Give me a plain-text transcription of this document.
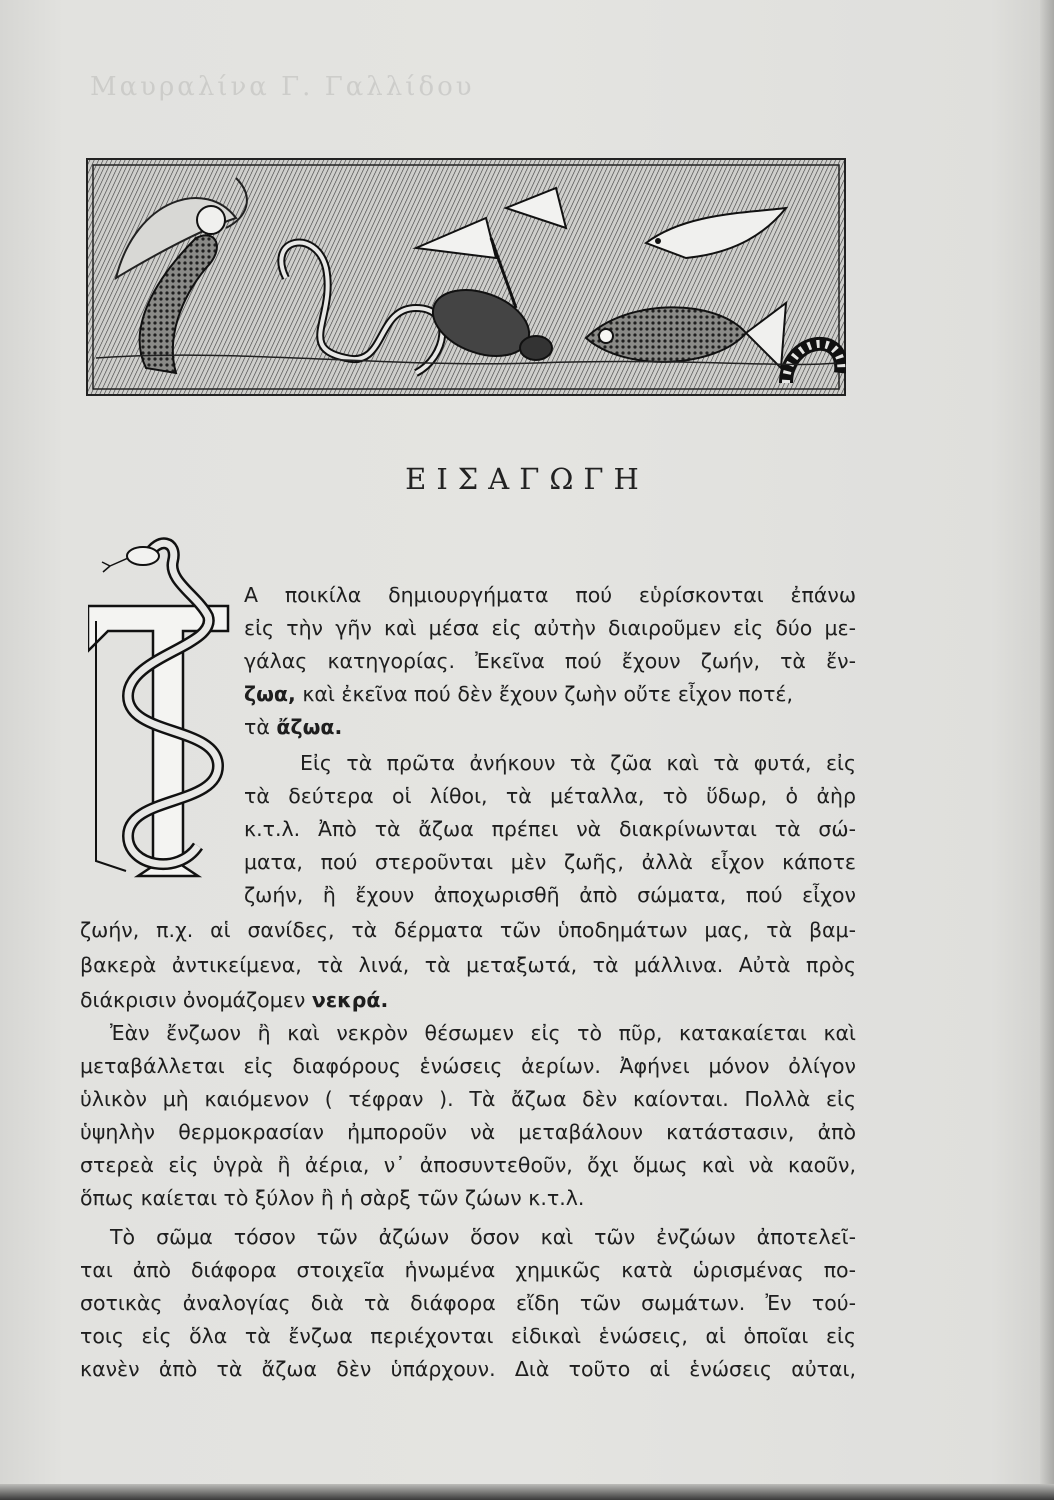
Μαυραλίνα Γ. Γαλλίδου
ΕΙΣΑΓΩΓΗ
Α ποικίλα δημιουργήματα πού εὑρίσκονται ἐπάνω
εἰς τὴν γῆν καὶ μέσα εἰς αὐτὴν διαιροῦμεν εἰς δύο με-
γάλας κατηγορίας. Ἐκεῖνα πού ἔχουν ζωήν, τὰ ἔν-
ζωα, καὶ ἐκεῖνα πού δὲν ἔχουν ζωὴν οὔτε εἶχον ποτέ,
τὰ ἄζωα.
Εἰς τὰ πρῶτα ἀνήκουν τὰ ζῶα καὶ τὰ φυτά, εἰς
τὰ δεύτερα οἱ λίθοι, τὰ μέταλλα, τὸ ὕδωρ, ὁ ἀὴρ
κ.τ.λ. Ἀπὸ τὰ ἄζωα πρέπει νὰ διακρίνωνται τὰ σώ-
ματα, πού στεροῦνται μὲν ζωῆς, ἀλλὰ εἶχον κάποτε
ζωήν, ἢ ἔχουν ἀποχωρισθῆ ἀπὸ σώματα, πού εἶχον
ζωήν, π.χ. αἱ σανίδες, τὰ δέρματα τῶν ὑποδημάτων μας, τὰ βαμ-
βακερὰ ἀντικείμενα, τὰ λινά, τὰ μεταξωτά, τὰ μάλλινα. Αὐτὰ πρὸς
διάκρισιν ὀνομάζομεν νεκρά.
Ἐὰν ἔνζωον ἢ καὶ νεκρὸν θέσωμεν εἰς τὸ πῦρ, κατακαίεται καὶ
μεταβάλλεται εἰς διαφόρους ἑνώσεις ἀερίων. Ἀφήνει μόνον ὀλίγον
ὑλικὸν μὴ καιόμενον ( τέφραν ). Τὰ ἄζωα δὲν καίονται. Πολλὰ εἰς
ὑψηλὴν θερμοκρασίαν ἠμποροῦν νὰ μεταβάλουν κατάστασιν, ἀπὸ
στερεὰ εἰς ὑγρὰ ἢ ἀέρια, ν᾽ ἀποσυντεθοῦν, ὄχι ὅμως καὶ νὰ καοῦν,
ὅπως καίεται τὸ ξύλον ἢ ἡ σὰρξ τῶν ζώων κ.τ.λ.
Τὸ σῶμα τόσον τῶν ἀζώων ὅσον καὶ τῶν ἐνζώων ἀποτελεῖ-
ται ἀπὸ διάφορα στοιχεῖα ἡνωμένα χημικῶς κατὰ ὡρισμένας πο-
σοτικὰς ἀναλογίας διὰ τὰ διάφορα εἴδη τῶν σωμάτων. Ἐν τού-
τοις εἰς ὅλα τὰ ἔνζωα περιέχονται εἰδικαὶ ἑνώσεις, αἱ ὁποῖαι εἰς
κανὲν ἀπὸ τὰ ἄζωα δὲν ὑπάρχουν. Διὰ τοῦτο αἱ ἑνώσεις αὐται,
